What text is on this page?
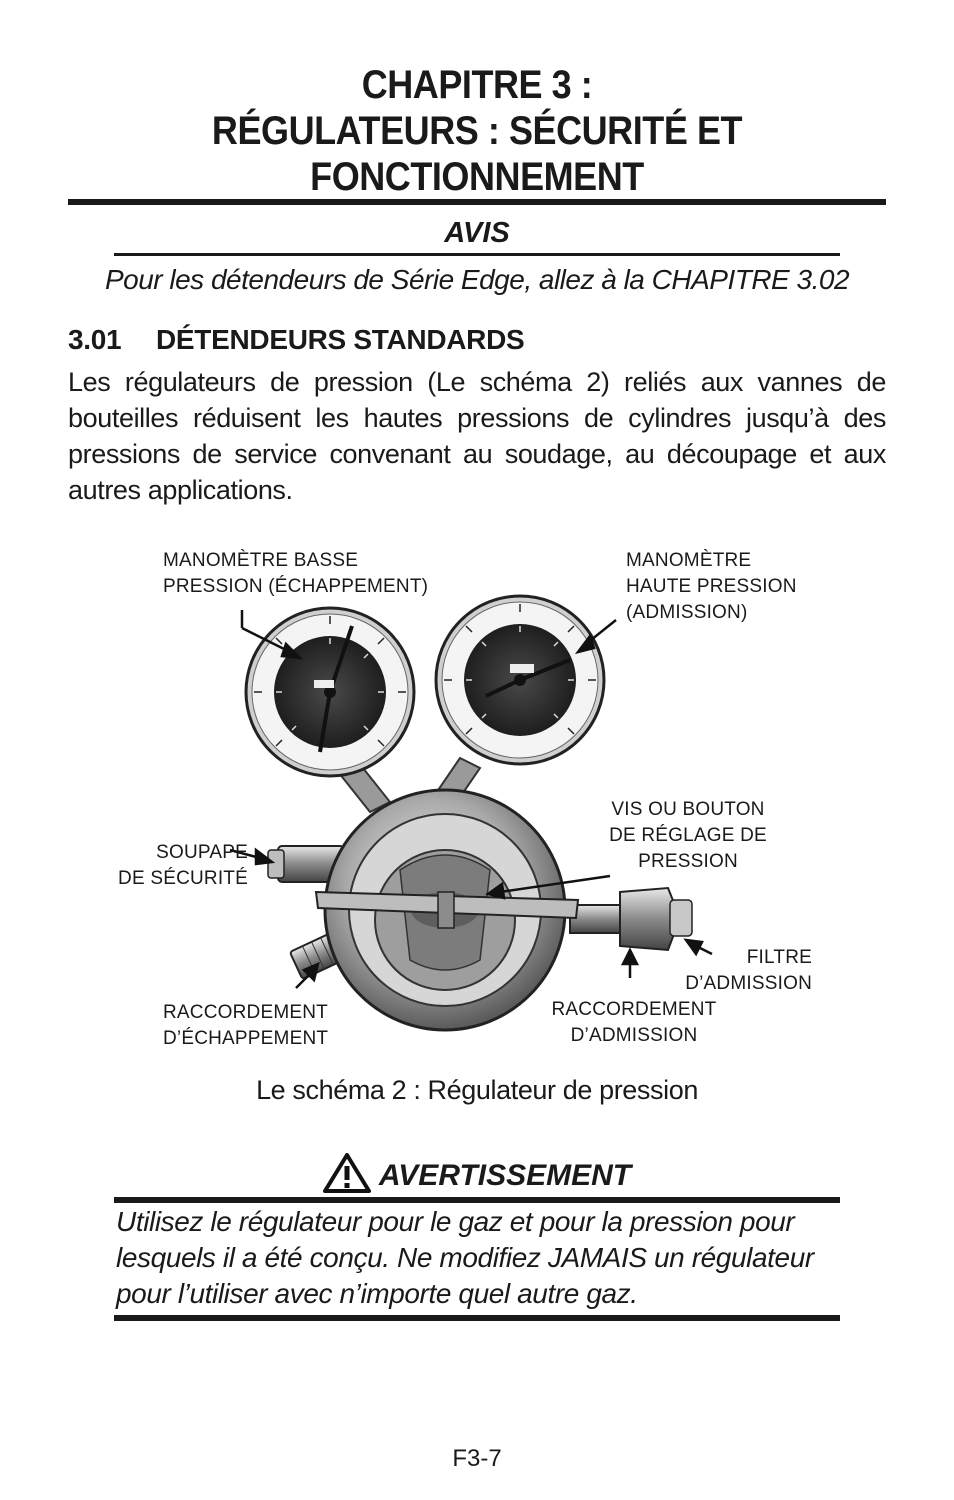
CHAPITRE 3 :
RÉGULATEURS : SÉCURITÉ ET
FONCTIONNEMENT
AVIS
Pour les détendeurs de Série Edge, allez à la CHAPITRE 3.02
3.01 DÉTENDEURS STANDARDS

Les régulateurs de pression (Le schéma 2) reliés aux vannes de bouteilles réduisent les hautes pressions de cylindres jusqu’à des pressions de service convenant au soudage, au découpage et aux autres applications.

MANOMÈTRE BASSE
PRESSION (ÉCHAPPEMENT)
MANOMÈTRE
HAUTE PRESSION
(ADMISSION)
SOUPAPE
DE SÉCURITÉ
VIS OU BOUTON
DE RÉGLAGE DE
PRESSION
FILTRE
D’ADMISSION
RACCORDEMENT
D’ÉCHAPPEMENT
RACCORDEMENT
D’ADMISSION
Le schéma 2 : Régulateur de pression
AVERTISSEMENT

Utilisez le régulateur pour le gaz et pour la pression pour
lesquels il a été conçu. Ne modifiez JAMAIS un régulateur
pour l’utiliser avec n’importe quel autre gaz.

F3-7
